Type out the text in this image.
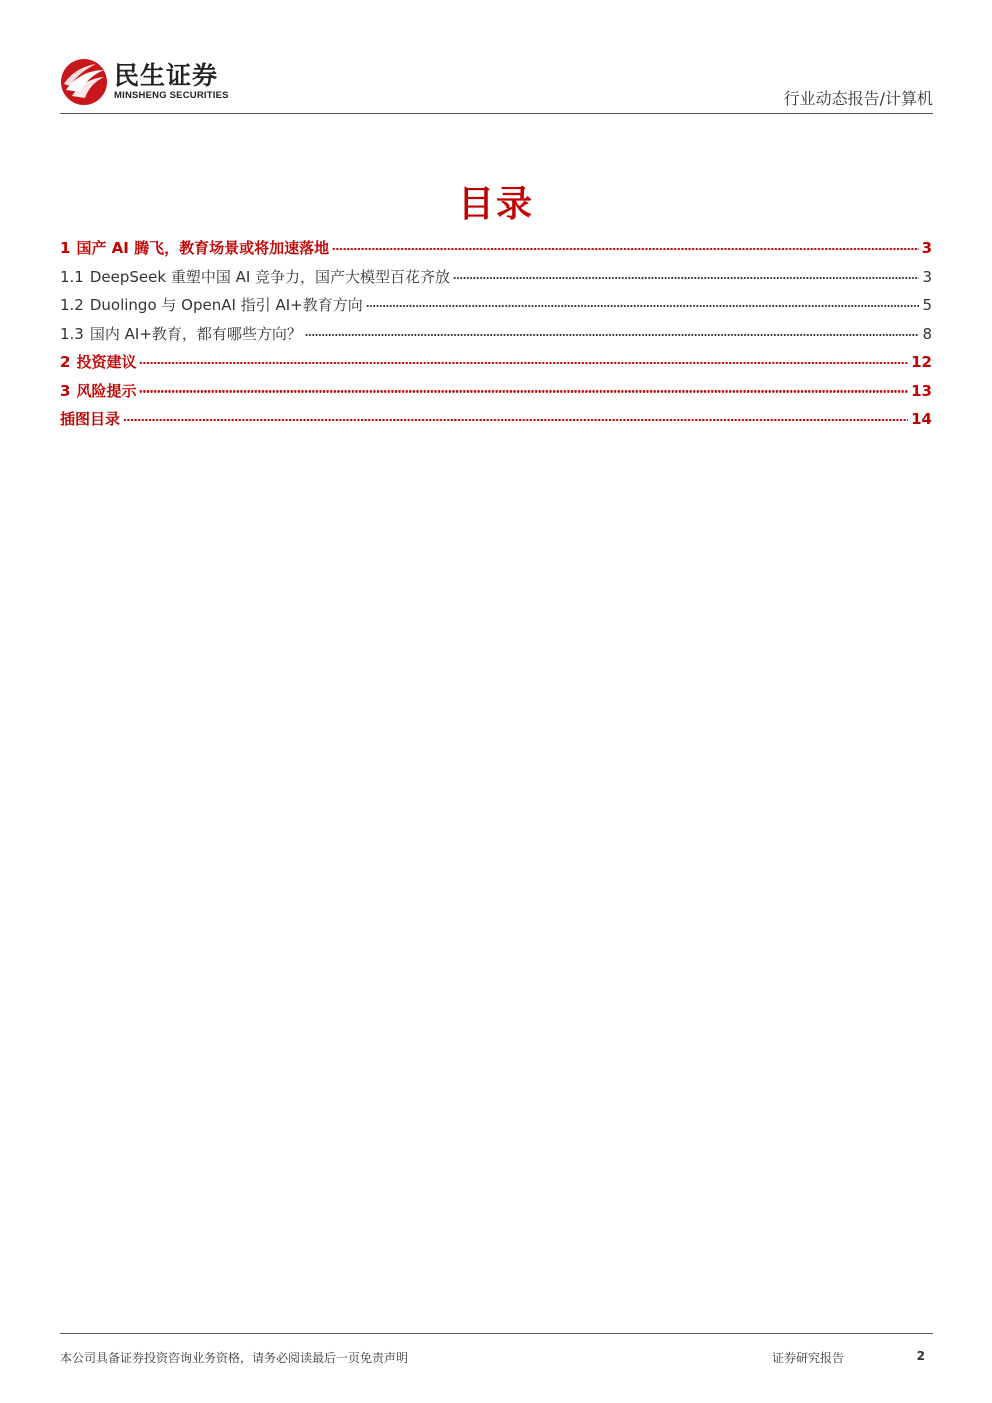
民生证券
MINSHENG SECURITIES	行业动态报告/计算机
目录
1 国产 AI 腾飞，教育场景或将加速落地	3
1.1 DeepSeek 重塑中国 AI 竞争力，国产大模型百花齐放	3
1.2 Duolingo 与 OpenAI 指引 AI+教育方向	5
1.3 国内 AI+教育，都有哪些方向？	8
2 投资建议	12
3 风险提示	13
插图目录	14
本公司具备证券投资咨询业务资格，请务必阅读最后一页免责声明	证券研究报告	2
